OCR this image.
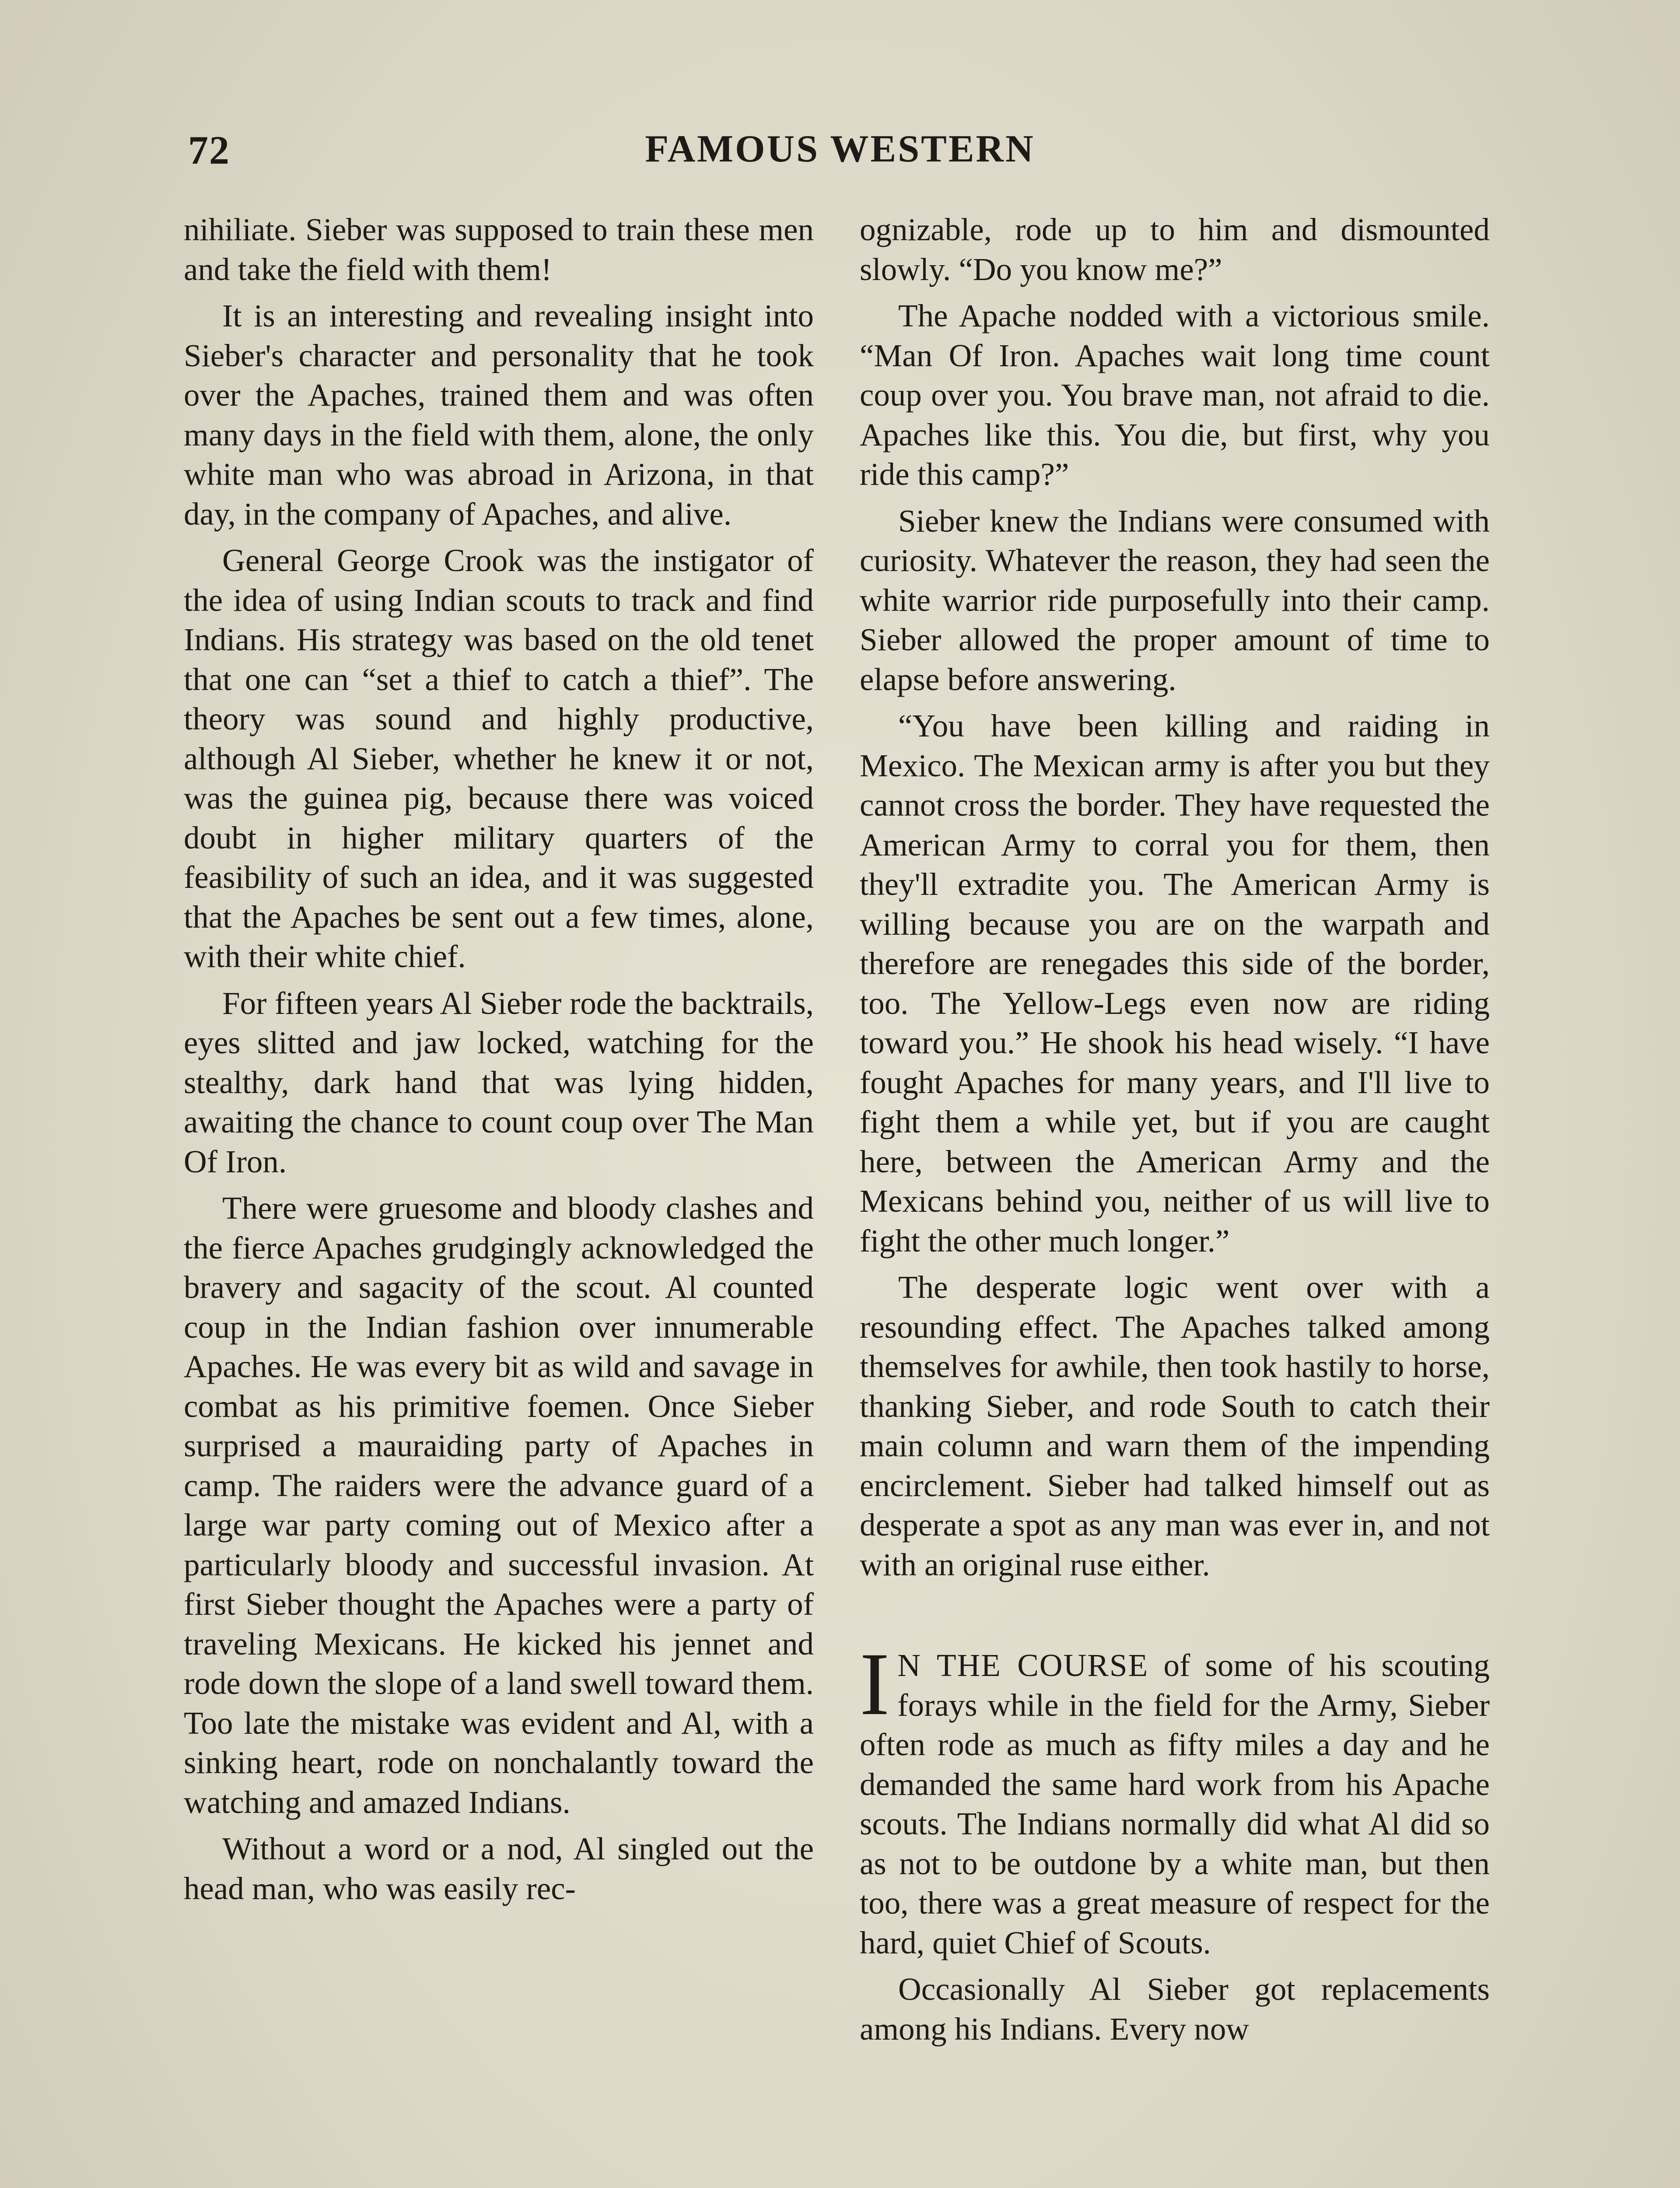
72	FAMOUS WESTERN

nihiliate. Sieber was supposed to train these men and take the field with them!

It is an interesting and revealing insight into Sieber's character and personality that he took over the Apaches, trained them and was often many days in the field with them, alone, the only white man who was abroad in Arizona, in that day, in the company of Apaches, and alive.

General George Crook was the instigator of the idea of using Indian scouts to track and find Indians. His strategy was based on the old tenet that one can “set a thief to catch a thief”. The theory was sound and highly productive, although Al Sieber, whether he knew it or not, was the guinea pig, because there was voiced doubt in higher military quarters of the feasibility of such an idea, and it was suggested that the Apaches be sent out a few times, alone, with their white chief.

For fifteen years Al Sieber rode the backtrails, eyes slitted and jaw locked, watching for the stealthy, dark hand that was lying hidden, awaiting the chance to count coup over The Man Of Iron.

There were gruesome and bloody clashes and the fierce Apaches grudgingly acknowledged the bravery and sagacity of the scout. Al counted coup in the Indian fashion over innumerable Apaches. He was every bit as wild and savage in combat as his primitive foemen. Once Sieber surprised a mauraiding party of Apaches in camp. The raiders were the advance guard of a large war party coming out of Mexico after a particularly bloody and successful invasion. At first Sieber thought the Apaches were a party of traveling Mexicans. He kicked his jennet and rode down the slope of a land swell toward them. Too late the mistake was evident and Al, with a sinking heart, rode on nonchalantly toward the watching and amazed Indians.

Without a word or a nod, Al singled out the head man, who was easily rec-

ognizable, rode up to him and dismounted slowly. “Do you know me?”

The Apache nodded with a victorious smile. “Man Of Iron. Apaches wait long time count coup over you. You brave man, not afraid to die. Apaches like this. You die, but first, why you ride this camp?”

Sieber knew the Indians were consumed with curiosity. Whatever the reason, they had seen the white warrior ride purposefully into their camp. Sieber allowed the proper amount of time to elapse before answering.

“You have been killing and raiding in Mexico. The Mexican army is after you but they cannot cross the border. They have requested the American Army to corral you for them, then they'll extradite you. The American Army is willing because you are on the warpath and therefore are renegades this side of the border, too. The Yellow-Legs even now are riding toward you.” He shook his head wisely. “I have fought Apaches for many years, and I'll live to fight them a while yet, but if you are caught here, between the American Army and the Mexicans behind you, neither of us will live to fight the other much longer.”

The desperate logic went over with a resounding effect. The Apaches talked among themselves for awhile, then took hastily to horse, thanking Sieber, and rode South to catch their main column and warn them of the impending encirclement. Sieber had talked himself out as desperate a spot as any man was ever in, and not with an original ruse either.

I N THE COURSE of some of his scouting forays while in the field for the Army, Sieber often rode as much as fifty miles a day and he demanded the same hard work from his Apache scouts. The Indians normally did what Al did so as not to be outdone by a white man, but then too, there was a great measure of respect for the hard, quiet Chief of Scouts.

Occasionally Al Sieber got replacements among his Indians. Every now
